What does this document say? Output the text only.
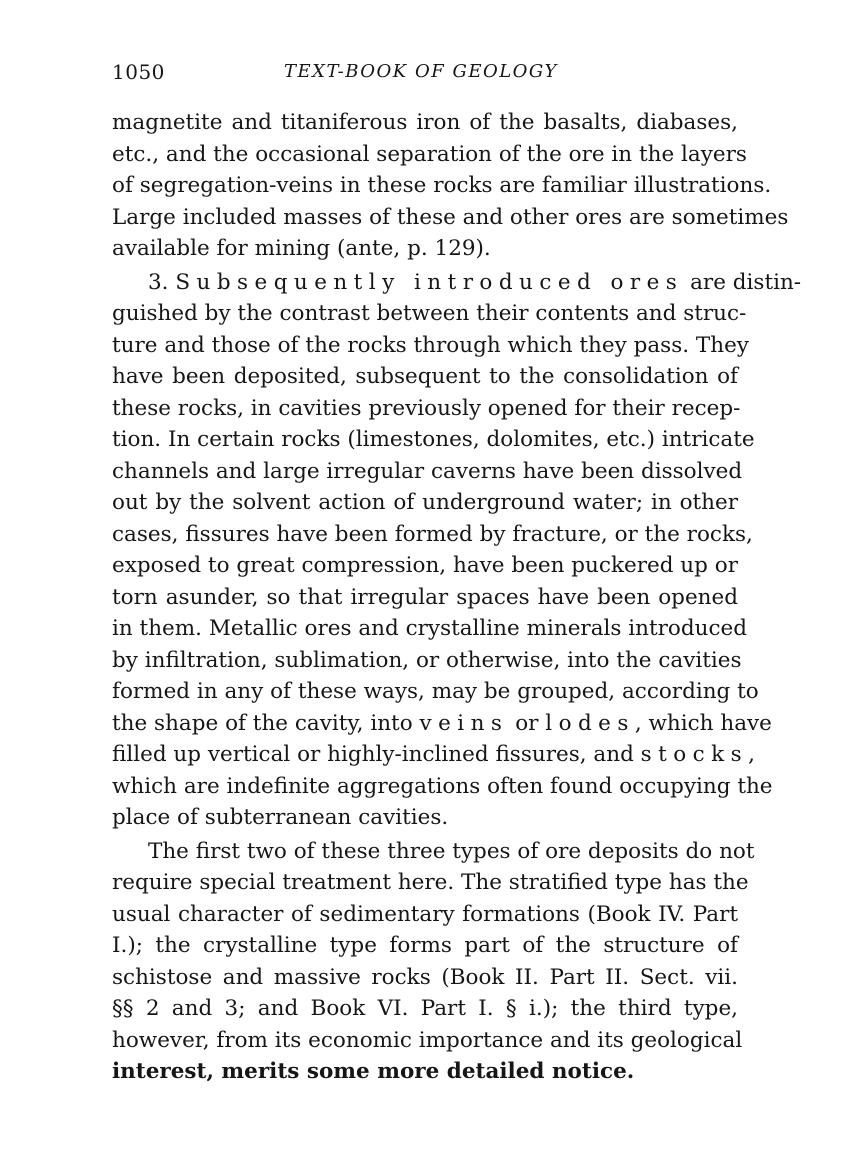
1050	TEXT-BOOK OF GEOLOGY
magnetite and titaniferous iron of the basalts, diabases,
etc., and the occasional separation of the ore in the layers
of segregation-veins in these rocks are familiar illustrations.
Large included masses of these and other ores are sometimes
available for mining (ante, p. 129).
3. Subsequently introduced ores are distin-
guished by the contrast between their contents and struc-
ture and those of the rocks through which they pass. They
have been deposited, subsequent to the consolidation of
these rocks, in cavities previously opened for their recep-
tion. In certain rocks (limestones, dolomites, etc.) intricate
channels and large irregular caverns have been dissolved
out by the solvent action of underground water; in other
cases, fissures have been formed by fracture, or the rocks,
exposed to great compression, have been puckered up or
torn asunder, so that irregular spaces have been opened
in them. Metallic ores and crystalline minerals introduced
by infiltration, sublimation, or otherwise, into the cavities
formed in any of these ways, may be grouped, according to
the shape of the cavity, into veins or lodes, which have
filled up vertical or highly-inclined fissures, and stocks,
which are indefinite aggregations often found occupying the
place of subterranean cavities.
The first two of these three types of ore deposits do not
require special treatment here. The stratified type has the
usual character of sedimentary formations (Book IV. Part
I.); the crystalline type forms part of the structure of
schistose and massive rocks (Book II. Part II. Sect. vii.
§§ 2 and 3; and Book VI. Part I. § i.); the third type,
however, from its economic importance and its geological
interest, merits some more detailed notice.
